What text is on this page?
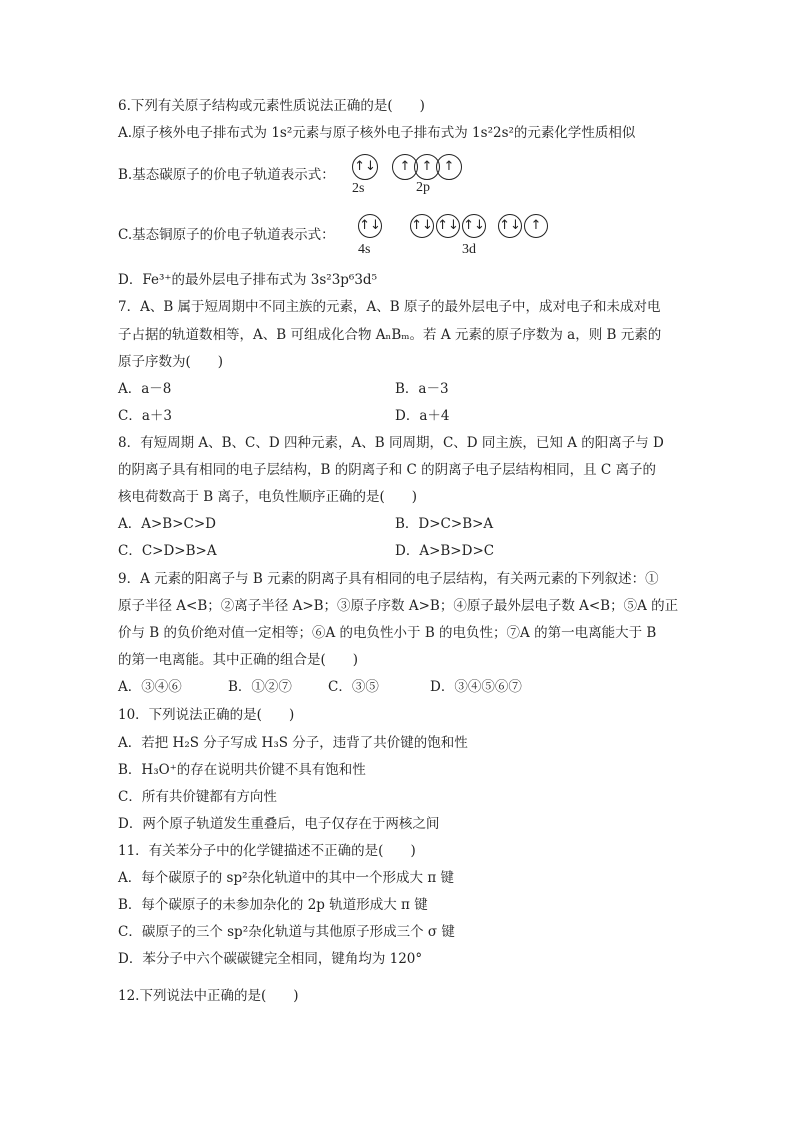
6.下列有关原子结构或元素性质说法正确的是(　　)
A.原子核外电子排布式为 1s²元素与原子核外电子排布式为 1s²2s²的元素化学性质相似
B.基态碳原子的价电子轨道表示式：
↑↓	↑ ↑ ↑
2s	2p
C.基态铜原子的价电子轨道表示式：
↑↓ ↑↓ ↑↓ ↑↓ ↑↓ ↑
4s	3d
D．Fe³⁺的最外层电子排布式为 3s²3p⁶3d⁵
7．A、B 属于短周期中不同主族的元素，A、B 原子的最外层电子中，成对电子和未成对电
子占据的轨道数相等，A、B 可组成化合物 AₙBₘ。若 A 元素的原子序数为 a，则 B 元素的
原子序数为(　　)
A．a－8	B．a－3
C．a＋3	D．a＋4
8．有短周期 A、B、C、D 四种元素，A、B 同周期，C、D 同主族，已知 A 的阳离子与 D
的阴离子具有相同的电子层结构，B 的阴离子和 C 的阴离子电子层结构相同，且 C 离子的
核电荷数高于 B 离子，电负性顺序正确的是(　　)
A．A>B>C>D	B．D>C>B>A
C．C>D>B>A	D．A>B>D>C
9．A 元素的阳离子与 B 元素的阴离子具有相同的电子层结构，有关两元素的下列叙述：①
原子半径 A<B；②离子半径 A>B；③原子序数 A>B；④原子最外层电子数 A<B；⑤A 的正
价与 B 的负价绝对值一定相等；⑥A 的电负性小于 B 的电负性；⑦A 的第一电离能大于 B
的第一电离能。其中正确的组合是(　　)
A．③④⑥	B．①②⑦	C．③⑤	D．③④⑤⑥⑦
10．下列说法正确的是(　　)
A．若把 H₂S 分子写成 H₃S 分子，违背了共价键的饱和性
B．H₃O⁺的存在说明共价键不具有饱和性
C．所有共价键都有方向性
D．两个原子轨道发生重叠后，电子仅存在于两核之间
11．有关苯分子中的化学键描述不正确的是(　　)
A．每个碳原子的 sp²杂化轨道中的其中一个形成大 π 键
B．每个碳原子的未参加杂化的 2p 轨道形成大 π 键
C．碳原子的三个 sp²杂化轨道与其他原子形成三个 σ 键
D．苯分子中六个碳碳键完全相同，键角均为 120°
12.下列说法中正确的是(　　)
